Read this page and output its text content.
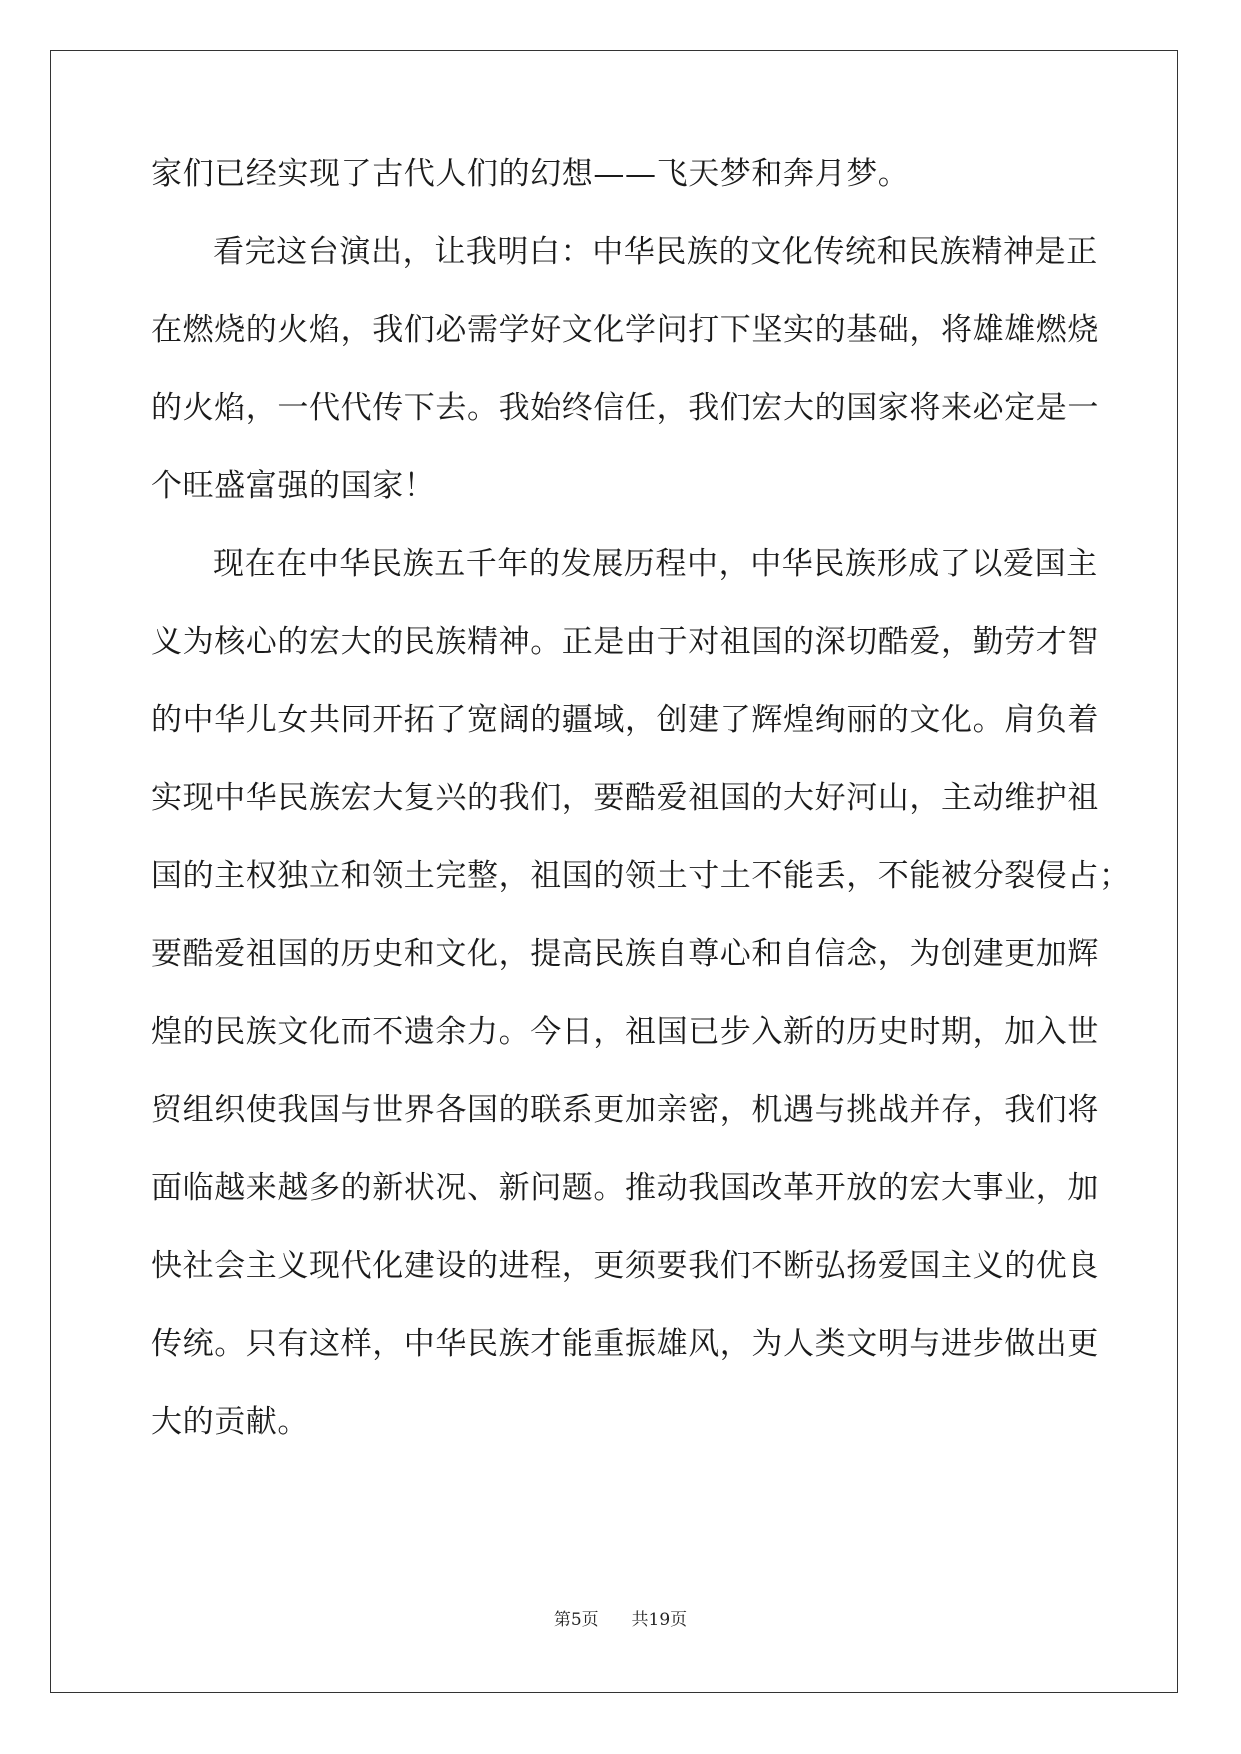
家们已经实现了古代人们的幻想——飞天梦和奔月梦。
看完这台演出，让我明白：中华民族的文化传统和民族精神是正
在燃烧的火焰，我们必需学好文化学问打下坚实的基础，将雄雄燃烧
的火焰，一代代传下去。我始终信任，我们宏大的国家将来必定是一
个旺盛富强的国家！
现在在中华民族五千年的发展历程中，中华民族形成了以爱国主
义为核心的宏大的民族精神。正是由于对祖国的深切酷爱，勤劳才智
的中华儿女共同开拓了宽阔的疆域，创建了辉煌绚丽的文化。肩负着
实现中华民族宏大复兴的我们，要酷爱祖国的大好河山，主动维护祖
国的主权独立和领土完整，祖国的领土寸土不能丢，不能被分裂侵占；
要酷爱祖国的历史和文化，提高民族自尊心和自信念，为创建更加辉
煌的民族文化而不遗余力。今日，祖国已步入新的历史时期，加入世
贸组织使我国与世界各国的联系更加亲密，机遇与挑战并存，我们将
面临越来越多的新状况、新问题。推动我国改革开放的宏大事业，加
快社会主义现代化建设的进程，更须要我们不断弘扬爱国主义的优良
传统。只有这样，中华民族才能重振雄风，为人类文明与进步做出更
大的贡献。
第5页 共19页
